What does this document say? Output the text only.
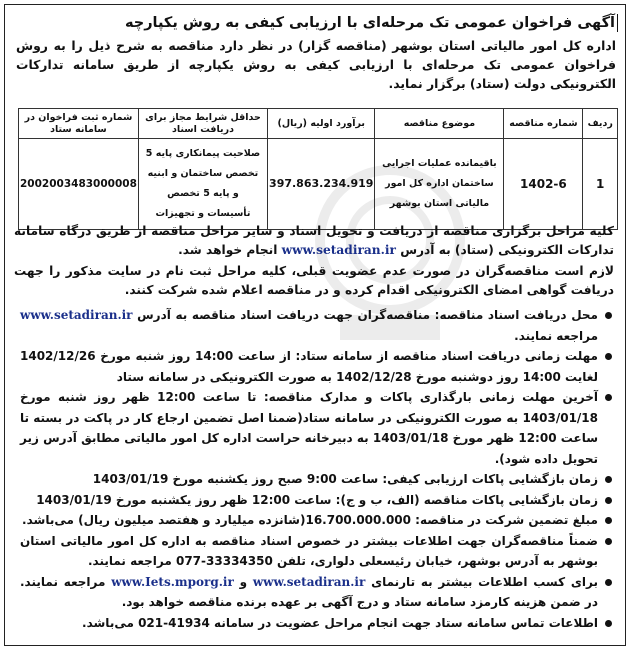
آگهی فراخوان عمومی تک مرحله‌ای با ارزیابی کیفی به روش یکپارچه
اداره کل امور مالیاتی استان بوشهر (مناقصه گزار) در نظر دارد مناقصه به شرح ذیل را به روش فراخوان عمومی تک مرحله‌ای با ارزیابی کیفی به روش یکپارچه از طریق سامانه تدارکات الکترونیکی دولت (ستاد) برگزار نماید.
ردیف	شماره مناقصه	موضوع مناقصه	برآورد اولیه (ریال)	حداقل شرایط مجاز برای دریافت اسناد	شماره ثبت فراخوان در سامانه ستاد
1	1402-6	باقیمانده عملیات اجرایی ساختمان اداره کل امور مالیاتی استان بوشهر	397.863.234.919	صلاحیت پیمانکاری پایه 5 تخصص ساختمان و ابنیه و پایه 5 تخصص تأسیسات و تجهیزات	2002003483000008
کلیه مراحل برگزاری مناقصه از دریافت و تحویل اسناد و سایر مراحل مناقصه از طریق درگاه سامانه تدارکات الکترونیکی (ستاد) به آدرس www.setadiran.ir انجام خواهد شد.
لازم است مناقصه‌گران در صورت عدم عضویت قبلی، کلیه مراحل ثبت نام در سایت مذکور را جهت دریافت گواهی امضای الکترونیکی اقدام کرده و در مناقصه اعلام شده شرکت کنند.
محل دریافت اسناد مناقصه: مناقصه‌گران جهت دریافت اسناد مناقصه به آدرس www.setadiran.ir مراجعه نمایند.
مهلت زمانی دریافت اسناد مناقصه از سامانه ستاد: از ساعت 14:00 روز شنبه مورخ 1402/12/26 لغایت 14:00 روز دوشنبه مورخ 1402/12/28 به صورت الکترونیکی در سامانه ستاد
آخرین مهلت زمانی بارگذاری پاکات و مدارک مناقصه: تا ساعت 12:00 ظهر روز شنبه مورخ 1403/01/18 به صورت الکترونیکی در سامانه ستاد(ضمنا اصل تضمین ارجاع کار در پاکت در بسته تا ساعت 12:00 ظهر مورخ 1403/01/18 به دبیرخانه حراست اداره کل امور مالیاتی مطابق آدرس زیر تحویل داده شود).
زمان بازگشایی پاکات ارزیابی کیفی: ساعت 9:00 صبح روز یکشنبه مورخ 1403/01/19
زمان بازگشایی پاکات مناقصه (الف، ب و ج): ساعت 12:00 ظهر روز یکشنبه مورخ 1403/01/19
مبلغ تضمین شرکت در مناقصه: 16.700.000.000(شانزده میلیارد و هفتصد میلیون ریال) می‌باشد.
ضمناً مناقصه‌گران جهت اطلاعات بیشتر در خصوص اسناد مناقصه به اداره کل امور مالیاتی استان بوشهر به آدرس بوشهر، خیابان رئیسعلی دلواری، تلفن 33334350-077 مراجعه نمایند.
برای کسب اطلاعات بیشتر به تارنمای www.setadiran.ir و www.Iets.mporg.ir مراجعه نمایند. در ضمن هزینه کارمزد سامانه ستاد و درج آگهی بر عهده برنده مناقصه خواهد بود.
اطلاعات تماس سامانه ستاد جهت انجام مراحل عضویت در سامانه 41934-021 می‌باشد.
